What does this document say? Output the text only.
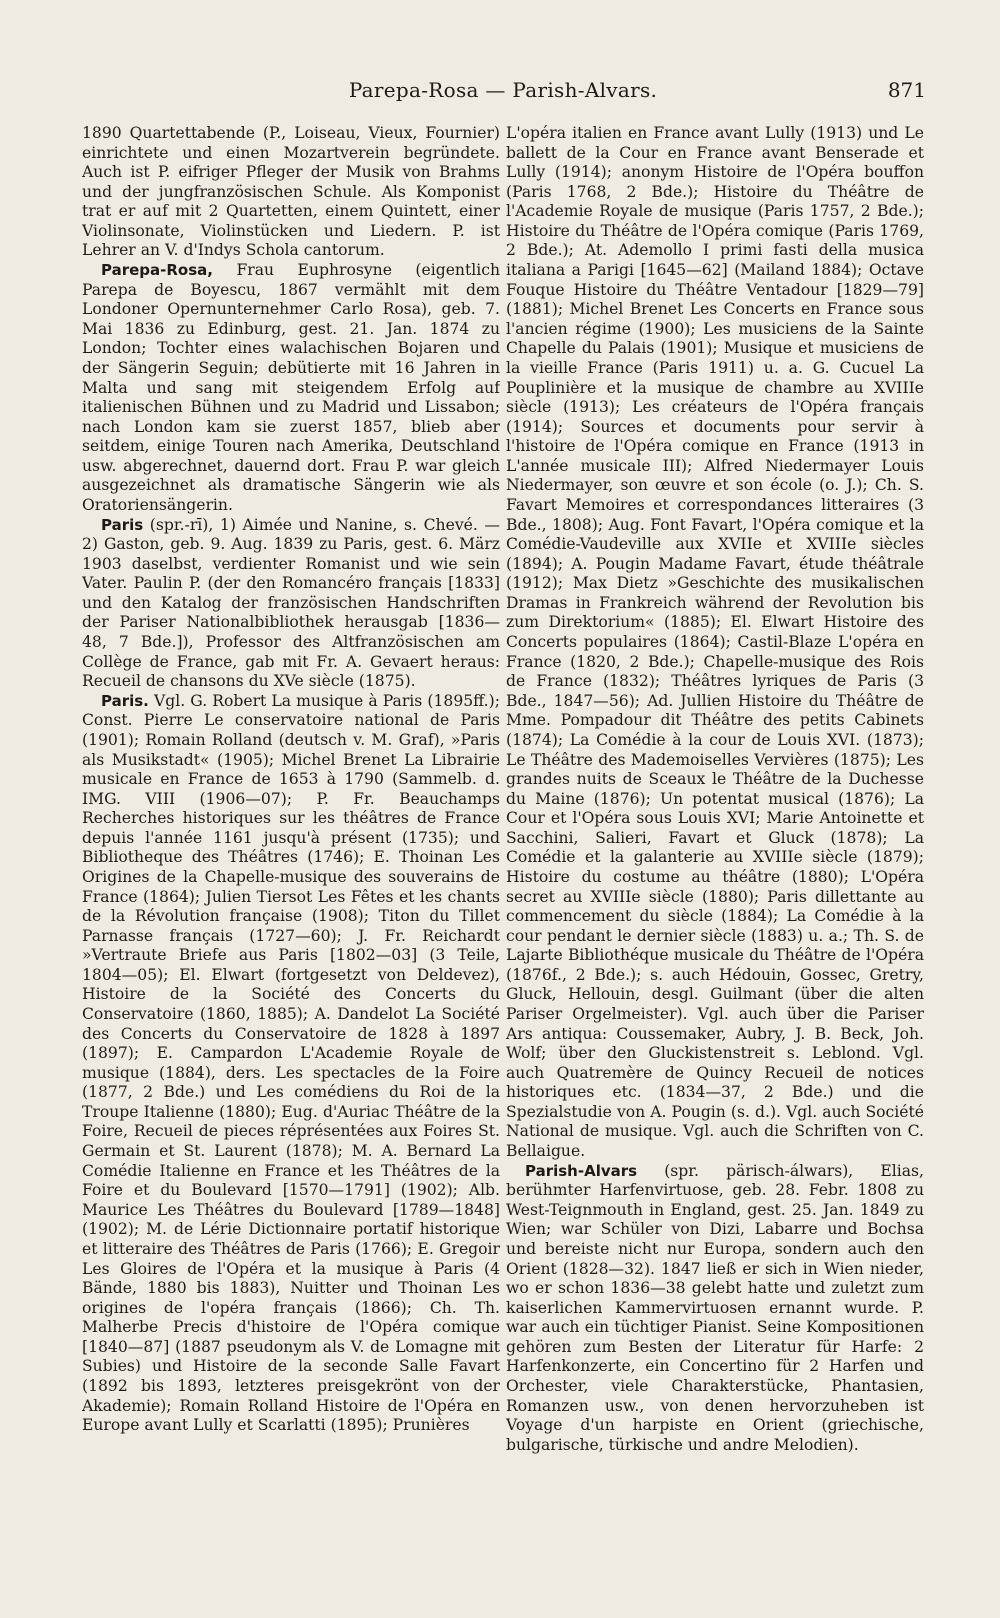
Parepa-Rosa — Parish-Alvars.	871

1890 Quartettabende (P., Loiseau, Vieux, Fournier) einrichtete und einen Mozartverein begründete. Auch ist P. eifriger Pfleger der Musik von Brahms und der jungfranzösischen Schule. Als Komponist trat er auf mit 2 Quartetten, einem Quintett, einer Violinsonate, Violinstücken und Liedern. P. ist Lehrer an V. d'Indys Schola cantorum.

Parepa-Rosa, Frau Euphrosyne (eigentlich Parepa de Boyescu, 1867 vermählt mit dem Londoner Opernunternehmer Carlo Rosa), geb. 7. Mai 1836 zu Edinburg, gest. 21. Jan. 1874 zu London; Tochter eines walachischen Bojaren und der Sängerin Seguin; debütierte mit 16 Jahren in Malta und sang mit steigendem Erfolg auf italienischen Bühnen und zu Madrid und Lissabon; nach London kam sie zuerst 1857, blieb aber seitdem, einige Touren nach Amerika, Deutschland usw. abgerechnet, dauernd dort. Frau P. war gleich ausgezeichnet als dramatische Sängerin wie als Oratoriensängerin.

Paris (spr.-rī), 1) Aimée und Nanine, s. Chevé. — 2) Gaston, geb. 9. Aug. 1839 zu Paris, gest. 6. März 1903 daselbst, verdienter Romanist und wie sein Vater. Paulin P. (der den Romancéro français [1833] und den Katalog der französischen Handschriften der Pariser Nationalbibliothek herausgab [1836—48, 7 Bde.]), Professor des Altfranzösischen am Collège de France, gab mit Fr. A. Gevaert heraus: Recueil de chansons du XVe siècle (1875).

Paris. Vgl. G. Robert La musique à Paris (1895ff.); Const. Pierre Le conservatoire national de Paris (1901); Romain Rolland (deutsch v. M. Graf), »Paris als Musikstadt« (1905); Michel Brenet La Librairie musicale en France de 1653 à 1790 (Sammelb. d. IMG. VIII (1906—07); P. Fr. Beauchamps Recherches historiques sur les théâtres de France depuis l'année 1161 jusqu'à présent (1735); und Bibliotheque des Théâtres (1746); E. Thoinan Les Origines de la Chapelle-musique des souverains de France (1864); Julien Tiersot Les Fêtes et les chants de la Révolution française (1908); Titon du Tillet Parnasse français (1727—60); J. Fr. Reichardt »Vertraute Briefe aus Paris [1802—03] (3 Teile, 1804—05); El. Elwart (fortgesetzt von Deldevez), Histoire de la Société des Concerts du Conservatoire (1860, 1885); A. Dandelot La Société des Concerts du Conservatoire de 1828 à 1897 (1897); E. Campardon L'Academie Royale de musique (1884), ders. Les spectacles de la Foire (1877, 2 Bde.) und Les comédiens du Roi de la Troupe Italienne (1880); Eug. d'Auriac Théâtre de la Foire, Recueil de pieces réprésentées aux Foires St. Germain et St. Laurent (1878); M. A. Bernard La Comédie Italienne en France et les Théâtres de la Foire et du Boulevard [1570—1791] (1902); Alb. Maurice Les Théâtres du Boulevard [1789—1848] (1902); M. de Lérie Dictionnaire portatif historique et litteraire des Théâtres de Paris (1766); E. Gregoir Les Gloires de l'Opéra et la musique à Paris (4 Bände, 1880 bis 1883), Nuitter und Thoinan Les origines de l'opéra français (1866); Ch. Th. Malherbe Precis d'histoire de l'Opéra comique [1840—87] (1887 pseudonym als V. de Lomagne mit Subies) und Histoire de la seconde Salle Favart (1892 bis 1893, letzteres preisgekrönt von der Akademie); Romain Rolland Histoire de l'Opéra en Europe avant Lully et Scarlatti (1895); Prunières

L'opéra italien en France avant Lully (1913) und Le ballett de la Cour en France avant Benserade et Lully (1914); anonym Histoire de l'Opéra bouffon (Paris 1768, 2 Bde.); Histoire du Théâtre de l'Academie Royale de musique (Paris 1757, 2 Bde.); Histoire du Théâtre de l'Opéra comique (Paris 1769, 2 Bde.); At. Ademollo I primi fasti della musica italiana a Parigi [1645—62] (Mailand 1884); Octave Fouque Histoire du Théâtre Ventadour [1829—79] (1881); Michel Brenet Les Concerts en France sous l'ancien régime (1900); Les musiciens de la Sainte Chapelle du Palais (1901); Musique et musiciens de la vieille France (Paris 1911) u. a. G. Cucuel La Pouplinière et la musique de chambre au XVIIIe siècle (1913); Les créateurs de l'Opéra français (1914); Sources et documents pour servir à l'histoire de l'Opéra comique en France (1913 in L'année musicale III); Alfred Niedermayer Louis Niedermayer, son œuvre et son école (o. J.); Ch. S. Favart Memoires et correspondances litteraires (3 Bde., 1808); Aug. Font Favart, l'Opéra comique et la Comédie-Vaudeville aux XVIIe et XVIIIe siècles (1894); A. Pougin Madame Favart, étude théâtrale (1912); Max Dietz »Geschichte des musikalischen Dramas in Frankreich während der Revolution bis zum Direktorium« (1885); El. Elwart Histoire des Concerts populaires (1864); Castil-Blaze L'opéra en France (1820, 2 Bde.); Chapelle-musique des Rois de France (1832); Théâtres lyriques de Paris (3 Bde., 1847—56); Ad. Jullien Histoire du Théâtre de Mme. Pompadour dit Théâtre des petits Cabinets (1874); La Comédie à la cour de Louis XVI. (1873); Le Théâtre des Mademoiselles Vervières (1875); Les grandes nuits de Sceaux le Théâtre de la Duchesse du Maine (1876); Un potentat musical (1876); La Cour et l'Opéra sous Louis XVI; Marie Antoinette et Sacchini, Salieri, Favart et Gluck (1878); La Comédie et la galanterie au XVIIIe siècle (1879); Histoire du costume au théâtre (1880); L'Opéra secret au XVIIIe siècle (1880); Paris dillettante au commencement du siècle (1884); La Comédie à la cour pendant le dernier siècle (1883) u. a.; Th. S. de Lajarte Bibliothéque musicale du Théâtre de l'Opéra (1876f., 2 Bde.); s. auch Hédouin, Gossec, Gretry, Gluck, Hellouin, desgl. Guilmant (über die alten Pariser Orgelmeister). Vgl. auch über die Pariser Ars antiqua: Coussemaker, Aubry, J. B. Beck, Joh. Wolf; über den Gluckistenstreit s. Leblond. Vgl. auch Quatremère de Quincy Recueil de notices historiques etc. (1834—37, 2 Bde.) und die Spezialstudie von A. Pougin (s. d.). Vgl. auch Société National de musique. Vgl. auch die Schriften von C. Bellaigue.

Parish-Alvars (spr. pärisch-álwars), Elias, berühmter Harfenvirtuose, geb. 28. Febr. 1808 zu West-Teignmouth in England, gest. 25. Jan. 1849 zu Wien; war Schüler von Dizi, Labarre und Bochsa und bereiste nicht nur Europa, sondern auch den Orient (1828—32). 1847 ließ er sich in Wien nieder, wo er schon 1836—38 gelebt hatte und zuletzt zum kaiserlichen Kammervirtuosen ernannt wurde. P. war auch ein tüchtiger Pianist. Seine Kompositionen gehören zum Besten der Literatur für Harfe: 2 Harfenkonzerte, ein Concertino für 2 Harfen und Orchester, viele Charakterstücke, Phantasien, Romanzen usw., von denen hervorzuheben ist Voyage d'un harpiste en Orient (griechische, bulgarische, türkische und andre Melodien).
